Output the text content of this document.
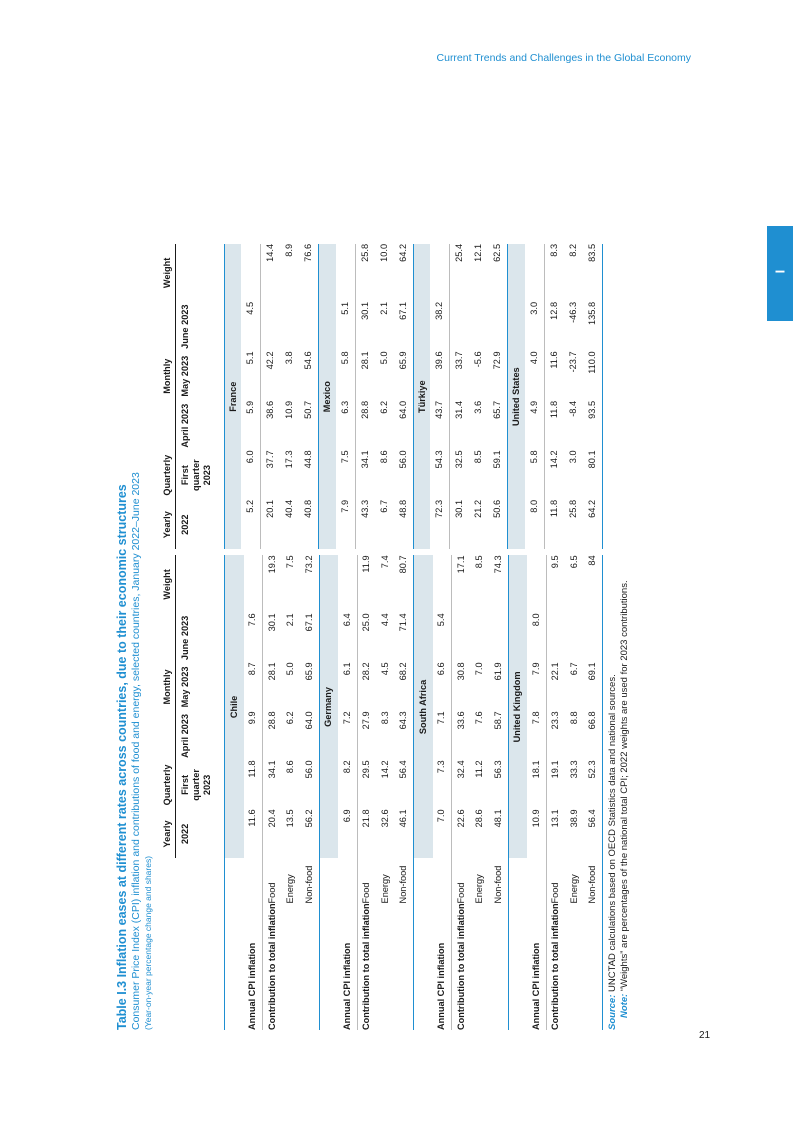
Current Trends and Challenges in the Global Economy
I
21
Table I.3 Inflation eases at different rates across countries, due to their economic structures Consumer Price Index (CPI) inflation and contributions of food and energy, selected countries, January 2022–June 2023 (Year-on-year percentage change and shares)
		Yearly	Quarterly	Monthly			Weight
		2022	First quarter 2023	April 2023	May 2023	June 2023	
		Chile					
Annual CPI inflation		11.6	11.8	9.9	8.7	7.6	
Contribution to total inflation	Food	20.4	34.1	28.8	28.1	30.1	19.3
	Energy	13.5	8.6	6.2	5.0	2.1	7.5
	Non-food	56.2	56.0	64.0	65.9	67.1	73.2
		Germany					
Annual CPI inflation		6.9	8.2	7.2	6.1	6.4	
Contribution to total inflation	Food	21.8	29.5	27.9	28.2	25.0	11.9
	Energy	32.6	14.2	8.3	4.5	4.4	7.4
	Non-food	46.1	56.4	64.3	68.2	71.4	80.7
		South Africa					
Annual CPI inflation		7.0	7.3	7.1	6.6	5.4	
Contribution to total inflation	Food	22.6	32.4	33.6	30.8		17.1
	Energy	28.6	11.2	7.6	7.0		8.5
	Non-food	48.1	56.3	58.7	61.9		74.3
		United Kingdom					
Annual CPI inflation		10.9	18.1	7.8	7.9	8.0	
Contribution to total inflation	Food	13.1	19.1	23.3	22.1		9.5
	Energy	38.9	33.3	8.8	6.7		6.5
	Non-food	56.4	52.3	66.8	69.1		84
Yearly	Quarterly	Monthly			Weight
2022	First quarter 2023	April 2023	May 2023	June 2023	
France					
5.2	6.0	5.9	5.1	4.5	
20.1	37.7	38.6	42.2		14.4
40.4	17.3	10.9	3.8		8.9
40.8	44.8	50.7	54.6		76.6
Mexico					
7.9	7.5	6.3	5.8	5.1	
43.3	34.1	28.8	28.1	30.1	25.8
6.7	8.6	6.2	5.0	2.1	10.0
48.8	56.0	64.0	65.9	67.1	64.2
Türkiye					
72.3	54.3	43.7	39.6	38.2	
30.1	32.5	31.4	33.7		25.4
21.2	8.5	3.6	-5.6		12.1
50.6	59.1	65.7	72.9		62.5
United States					
8.0	5.8	4.9	4.0	3.0	
11.8	14.2	11.8	11.6	12.8	8.3
25.8	3.0	-8.4	-23.7	-46.3	8.2
64.2	80.1	93.5	110.0	135.8	83.5
Source: UNCTAD calculations based on OECD Statistics data and national sources.
Note: “Weights” are percentages of the national total CPI; 2022 weights are used for 2023 contributions.
